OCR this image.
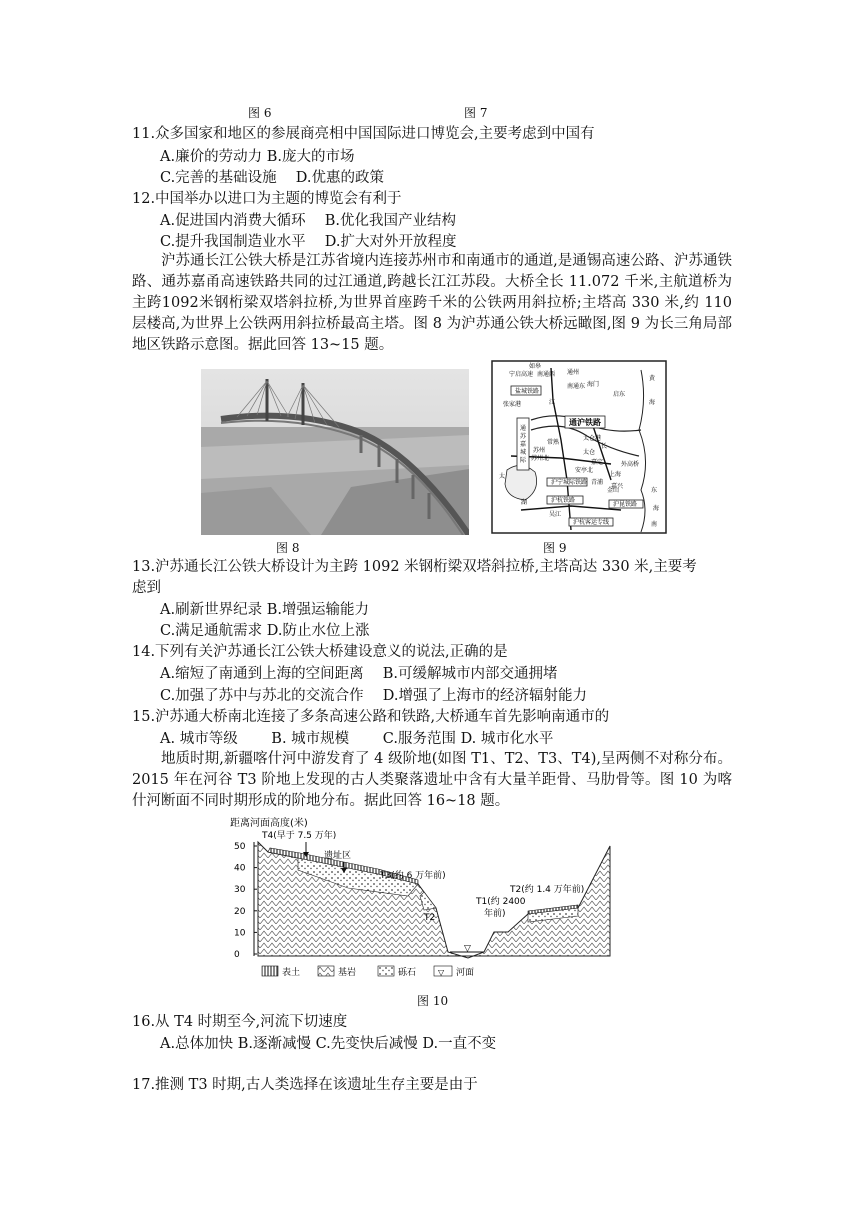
图 6	图 7
11.众多国家和地区的参展商亮相中国国际进口博览会,主要考虑到中国有
A.廉价的劳动力 B.庞大的市场
C.完善的基础设施　 D.优惠的政策
12.中国举办以进口为主题的博览会有利于
A.促进国内消费大循环　 B.优化我国产业结构
C.提升我国制造业水平　 D.扩大对外开放程度
沪苏通长江公铁大桥是江苏省境内连接苏州市和南通市的通道,是通锡高速公路、沪苏通铁路、通苏嘉甬高速铁路共同的过江通道,跨越长江江苏段。大桥全长 11.072 千米,主航道桥为主跨1092米钢桁梁双塔斜拉桥,为世界首座跨千米的公铁两用斜拉桥;主塔高 330 米,约 110 层楼高,为世界上公铁两用斜拉桥最高主塔。图 8 为沪苏通公铁大桥远瞰图,图 9 为长三角局部地区铁路示意图。据此回答 13~15 题。
盐城铁路
通沪铁路
通
苏
嘉
城
际
沪宁城际铁路
沪杭铁路
沪昆铁路
沪杭客运专线
如皋
宁启高速 南通西 通州
海门
南通东
黄
启东
张家港	江
太仓港
海
常熟
长
太仓
苏州
外高桥
苏州北
嘉定
安亭北
上海
太
湖
青浦
金山	东
海
吴江
嘉兴
南
图 8	图 9
13.沪苏通长江公铁大桥设计为主跨 1092 米钢桁梁双塔斜拉桥,主塔高达 330 米,主要考
虑到
A.刷新世界纪录 B.增强运输能力
C.满足通航需求 D.防止水位上涨
14.下列有关沪苏通长江公铁大桥建设意义的说法,正确的是
A.缩短了南通到上海的空间距离　 B.可缓解城市内部交通拥堵
C.加强了苏中与苏北的交流合作　 D.增强了上海市的经济辐射能力
15.沪苏通大桥南北连接了多条高速公路和铁路,大桥通车首先影响南通市的
A. 城市等级　　 B. 城市规模　　 C.服务范围 D. 城市化水平
地质时期,新疆喀什河中游发育了 4 级阶地(如图 T1、T2、T3、T4),呈两侧不对称分布。2015 年在河谷 T3 阶地上发现的古人类聚落遗址中含有大量羊距骨、马肋骨等。图 10 为喀什河断面不同时期形成的阶地分布。据此回答 16~18 题。
距离河面高度(米)
50
40
30
20
10
0
▽
T4(早于 7.5 万年)
遗址区
T3(约 6 万年前)
T2
T1(约 2400
年前)
T2(约 1.4 万年前)
表土	基岩	砾石	▽ 河面
图 10
16.从 T4 时期至今,河流下切速度
A.总体加快 B.逐渐减慢 C.先变快后减慢 D.一直不变
17.推测 T3 时期,古人类选择在该遗址生存主要是由于
